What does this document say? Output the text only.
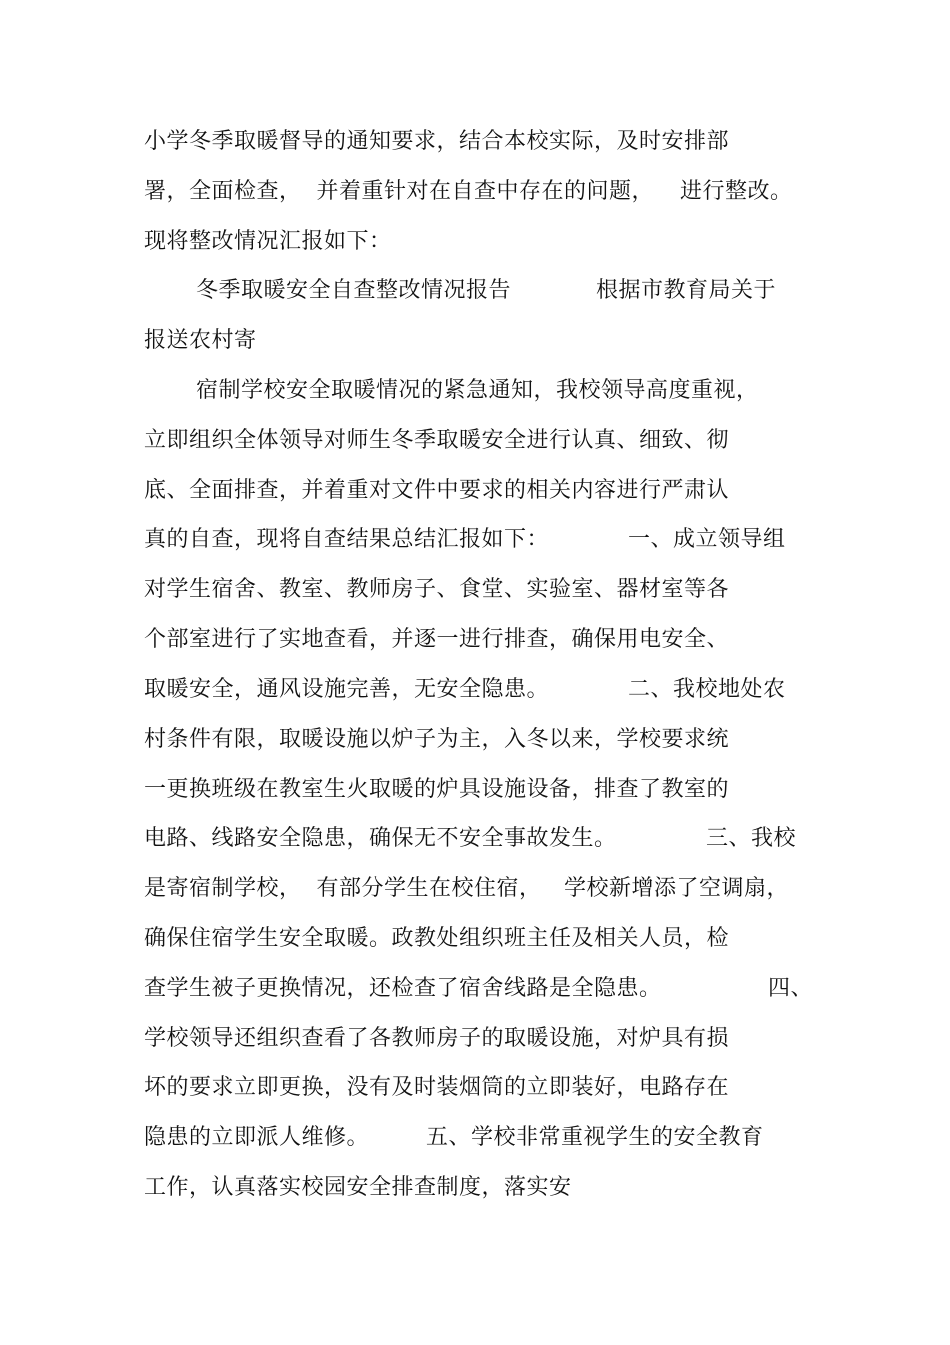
小学冬季取暖督导的通知要求，结合本校实际，及时安排部

署，全面检查，  并着重针对在自查中存在的问题，

进行整改。

现将整改情况汇报如下：

冬季取暖安全自查整改情况报告

	根据市教育局关于

报送农村寄

宿制学校安全取暖情况的紧急通知，我校领导高度重视，

立即组织全体领导对师生冬季取暖安全进行认真、细致、彻

底、全面排查，并着重对文件中要求的相关内容进行严肃认

真的自查，现将自查结果总结汇报如下：

	一、成立领导组

对学生宿舍、教室、教师房子、食堂、实验室、器材室等各

个部室进行了实地查看，并逐一进行排查，确保用电安全、

取暖安全，通风设施完善，无安全隐患。

	二、我校地处农

村条件有限，取暖设施以炉子为主，入冬以来，学校要求统

一更换班级在教室生火取暖的炉具设施设备，排查了教室的

电路、线路安全隐患，确保无不安全事故发生。

	三、我校

是寄宿制学校，  有部分学生在校住宿，   学校新增添了空调扇，

确保住宿学生安全取暖。政教处组织班主任及相关人员，检

查学生被子更换情况，还检查了宿舍线路是全隐患。

	四、

学校领导还组织查看了各教师房子的取暖设施，对炉具有损

坏的要求立即更换，没有及时装烟筒的立即装好，电路存在

隐患的立即派人维修。

	五、学校非常重视学生的安全教育

工作，认真落实校园安全排查制度，落实安
